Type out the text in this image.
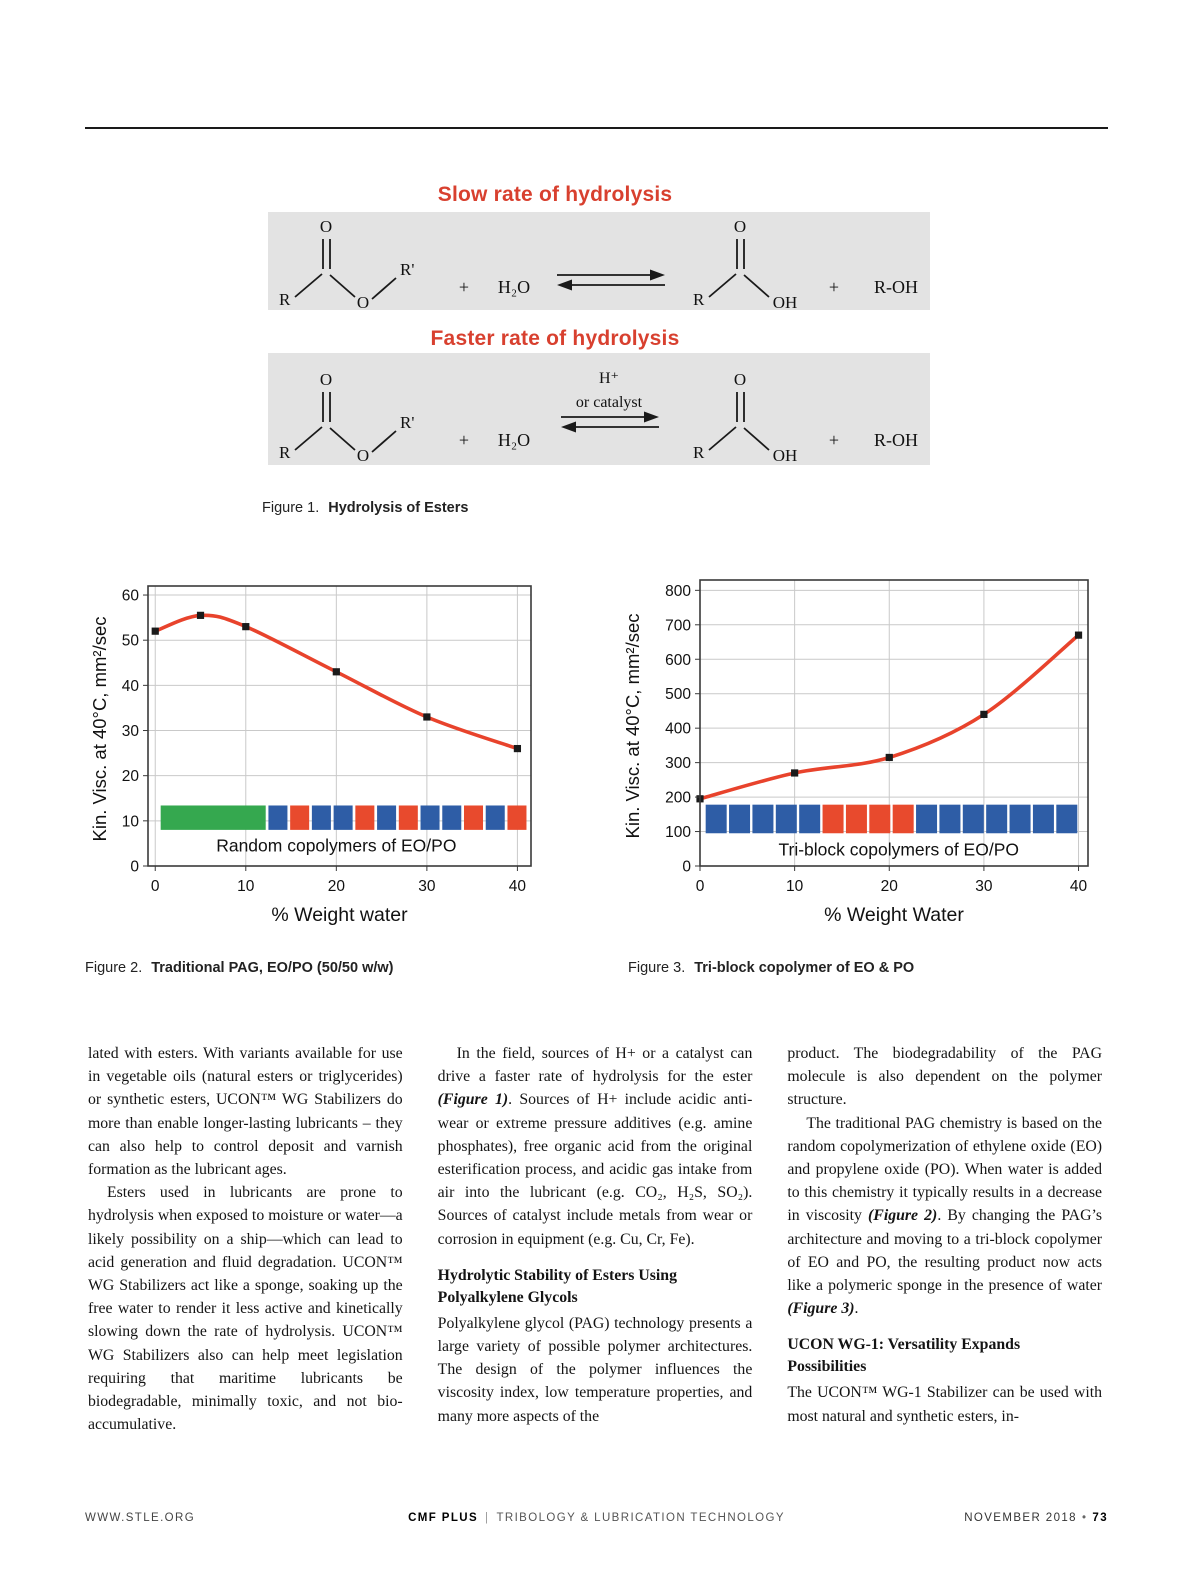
Slow rate of hydrolysis
R
O
O
R'
+ H₂O
R
O
OH
+ R-OH
Faster rate of hydrolysis
R
O
O
R'
+ H₂O
H⁺
or catalyst
R
O
OH
+ R-OH
Figure 1. Hydrolysis of Esters
Kin. Visc. at 40°C, mm²/sec
0	10	20	30	40
0
10
20
30
40
50
60
Random copolymers of EO/PO
% Weight water
Kin. Visc. at 40°C, mm²/sec
0	10	20	30	40
0
100
200
300
400
500
600
700
800
Tri-block copolymers of EO/PO
% Weight Water
Figure 2. Traditional PAG, EO/PO (50/50 w/w)	Figure 3. Tri-block copolymer of EO & PO

lated with esters. With variants available for use in vegetable oils (natural esters or triglycerides) or synthetic esters, UCON™ WG Stabilizers do more than enable longer-lasting lubricants – they can also help to control deposit and varnish formation as the lubricant ages.

Esters used in lubricants are prone to hydrolysis when exposed to moisture or water—a likely possibility on a ship—which can lead to acid generation and fluid degradation. UCON™ WG Stabilizers act like a sponge, soaking up the free water to render it less active and kinetically slowing down the rate of hydrolysis. UCON™ WG Stabilizers also can help meet legislation requiring that maritime lubricants be biodegradable, minimally toxic, and not bio-accumulative.

In the field, sources of H+ or a catalyst can drive a faster rate of hydrolysis for the ester (Figure 1). Sources of H+ include acidic anti-wear or extreme pressure additives (e.g. amine phosphates), free organic acid from the original esterification process, and acidic gas intake from air into the lubricant (e.g. CO₂, H₂S, SO₂). Sources of catalyst include metals from wear or corrosion in equipment (e.g. Cu, Cr, Fe).

Hydrolytic Stability of Esters Using Polyalkylene Glycols

Polyalkylene glycol (PAG) technology presents a large variety of possible polymer architectures. The design of the polymer influences the viscosity index, low temperature properties, and many more aspects of the

product. The biodegradability of the PAG molecule is also dependent on the polymer structure.

The traditional PAG chemistry is based on the random copolymerization of ethylene oxide (EO) and propylene oxide (PO). When water is added to this chemistry it typically results in a decrease in viscosity (Figure 2). By changing the PAG’s architecture and moving to a tri-block copolymer of EO and PO, the resulting product now acts like a polymeric sponge in the presence of water (Figure 3).

UCON WG-1: Versatility Expands Possibilities

The UCON™ WG-1 Stabilizer can be used with most natural and synthetic esters, in-

WWW.STLE.ORG	CMF PLUS | TRIBOLOGY & LUBRICATION TECHNOLOGY	NOVEMBER 2018 • 73
